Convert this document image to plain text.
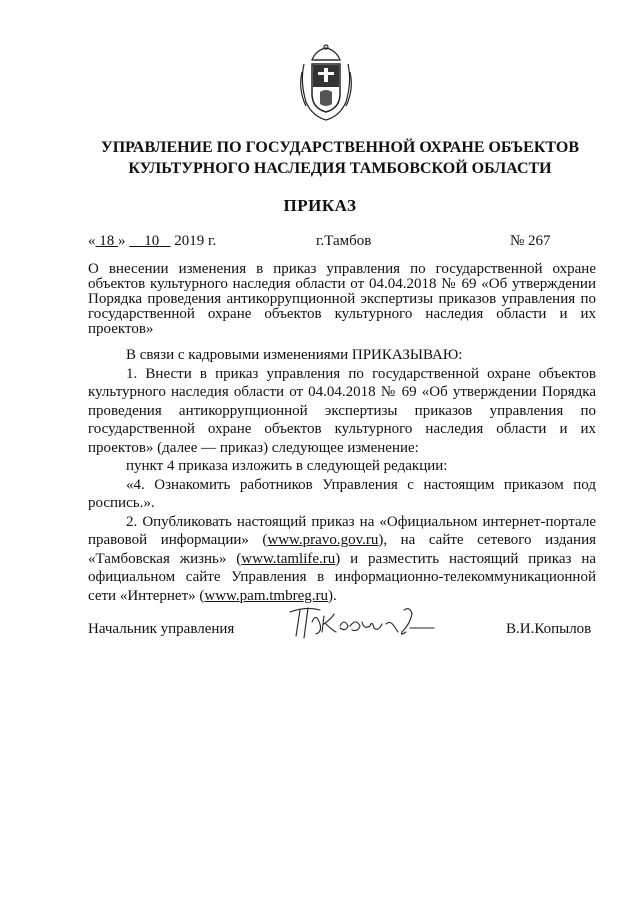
УПРАВЛЕНИЕ ПО ГОСУДАРСТВЕННОЙ ОХРАНЕ ОБЪЕКТОВ
КУЛЬТУРНОГО НАСЛЕДИЯ ТАМБОВСКОЙ ОБЛАСТИ
ПРИКАЗ
« 18 » 10 2019 г.	г.Тамбов	№ 267
О внесении изменения в приказ управления по государственной охране
объектов культурного наследия области от 04.04.2018 № 69 «Об утверждении
Порядка проведения антикоррупционной экспертизы приказов управления по
государственной охране объектов культурного наследия области и их
проектов»
В связи с кадровыми изменениями ПРИКАЗЫВАЮ:
1. Внести в приказ управления по государственной охране объектов
культурного наследия области от 04.04.2018 № 69 «Об утверждении Порядка
проведения антикоррупционной экспертизы приказов управления по
государственной охране объектов культурного наследия области и их
проектов» (далее — приказ) следующее изменение:
пункт 4 приказа изложить в следующей редакции:
«4. Ознакомить работников Управления с настоящим приказом под
роспись.».
2. Опубликовать настоящий приказ на «Официальном интернет-портале
правовой информации» (www.pravo.gov.ru), на сайте сетевого издания
«Тамбовская жизнь» (www.tamlife.ru) и разместить настоящий приказ на
официальном сайте Управления в информационно-телекоммуникационной
сети «Интернет» (www.pam.tmbreg.ru).
Начальник управления	В.И.Копылов
